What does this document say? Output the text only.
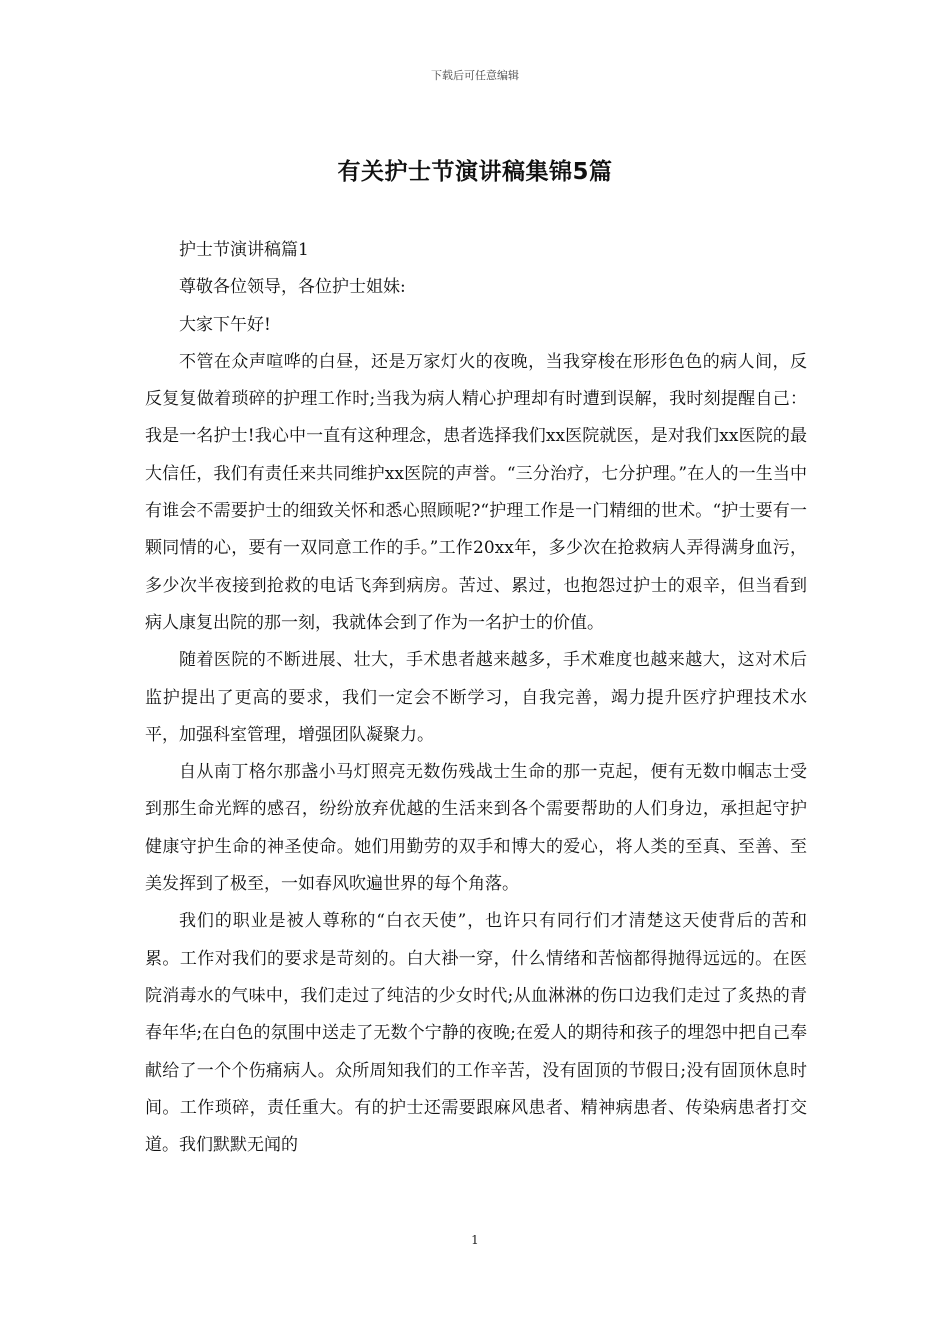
下载后可任意编辑
有关护士节演讲稿集锦5篇

护士节演讲稿篇1

尊敬各位领导，各位护士姐妹:

大家下午好!

不管在众声喧哗的白昼，还是万家灯火的夜晚，当我穿梭在形形色色的病人间，反反复复做着琐碎的护理工作时;当我为病人精心护理却有时遭到误解，我时刻提醒自己：我是一名护士!我心中一直有这种理念，患者选择我们xx医院就医，是对我们xx医院的最大信任，我们有责任来共同维护xx医院的声誉。“三分治疗，七分护理。”在人的一生当中有谁会不需要护士的细致关怀和悉心照顾呢?“护理工作是一门精细的世术。“护士要有一颗同情的心，要有一双同意工作的手。”工作20xx年，多少次在抢救病人弄得满身血污，多少次半夜接到抢救的电话飞奔到病房。苦过、累过，也抱怨过护士的艰辛，但当看到病人康复出院的那一刻，我就体会到了作为一名护士的价值。

随着医院的不断进展、壮大，手术患者越来越多，手术难度也越来越大，这对术后监护提出了更高的要求，我们一定会不断学习，自我完善，竭力提升医疗护理技术水平，加强科室管理，增强团队凝聚力。

自从南丁格尔那盏小马灯照亮无数伤残战士生命的那一克起，便有无数巾帼志士受到那生命光辉的感召，纷纷放弃优越的生活来到各个需要帮助的人们身边，承担起守护健康守护生命的神圣使命。她们用勤劳的双手和博大的爱心，将人类的至真、至善、至美发挥到了极至，一如春风吹遍世界的每个角落。

我们的职业是被人尊称的“白衣天使”，也许只有同行们才清楚这天使背后的苦和累。工作对我们的要求是苛刻的。白大褂一穿，什么情绪和苦恼都得抛得远远的。在医院消毒水的气味中，我们走过了纯洁的少女时代;从血淋淋的伤口边我们走过了炙热的青春年华;在白色的氛围中送走了无数个宁静的夜晚;在爱人的期待和孩子的埋怨中把自己奉献给了一个个伤痛病人。众所周知我们的工作辛苦，没有固顶的节假日;没有固顶休息时间。工作琐碎，责任重大。有的护士还需要跟麻风患者、精神病患者、传染病患者打交道。我们默默无闻的

1
